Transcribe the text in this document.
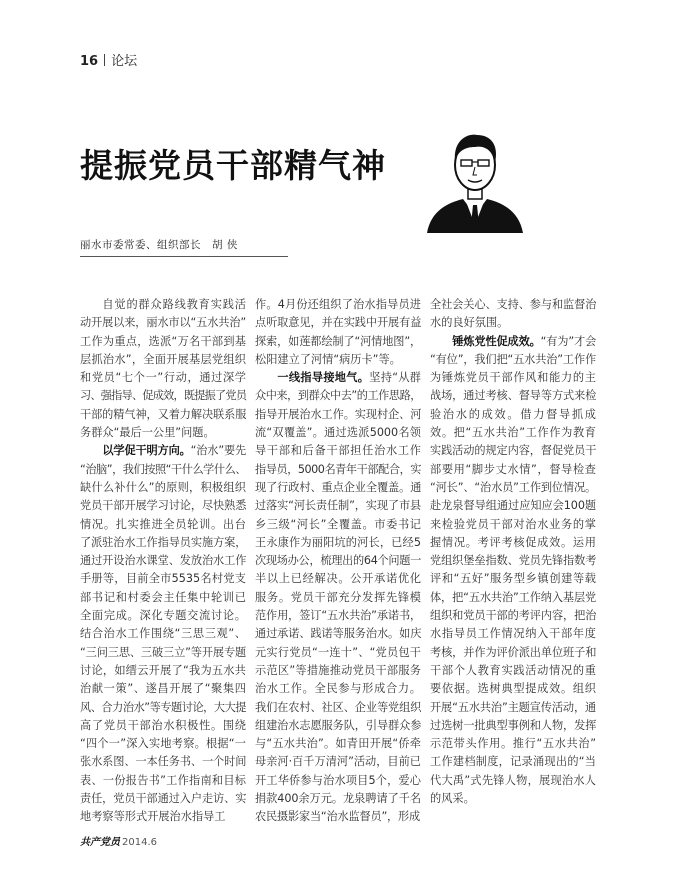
16 论坛
提振党员干部精气神
丽水市委常委、组织部长　胡 侠
自觉的群众路线教育实践活
动开展以来，丽水市以“五水共治”
工作为重点，选派“万名干部到基
层抓治水”，全面开展基层党组织
和党员“七个一”行动，通过深学
习、强指导、促成效，既提振了党员
干部的精气神，又着力解决联系服
务群众“最后一公里”问题。
以学促干明方向。“治水”要先
“治脑”，我们按照“干什么学什么、
缺什么补什么”的原则，积极组织
党员干部开展学习讨论，尽快熟悉
情况。扎实推进全员轮训。出台
了派驻治水工作指导员实施方案，
通过开设治水课堂、发放治水工作
手册等，目前全市5535名村党支
部书记和村委会主任集中轮训已
全面完成。深化专题交流讨论。
结合治水工作围绕“三思三观”、
“三问三思、三破三立”等开展专题
讨论，如缙云开展了“我为五水共
治献一策”、遂昌开展了“聚集四
风、合力治水”等专题讨论，大大提
高了党员干部治水积极性。围绕
“四个一”深入实地考察。根据“一
张水系图、一本任务书、一个时间
表、一份报告书”工作指南和目标
责任，党员干部通过入户走访、实
地考察等形式开展治水指导工
作。4月份还组织了治水指导员进
点听取意见，并在实践中开展有益
探索，如莲都绘制了“河情地图”，
松阳建立了河情“病历卡”等。
一线指导接地气。坚持“从群
众中来，到群众中去”的工作思路，
指导开展治水工作。实现村企、河
流“双覆盖”。通过选派5000名领
导干部和后备干部担任治水工作
指导员，5000名青年干部配合，实
现了行政村、重点企业全覆盖。通
过落实“河长责任制”，实现了市县
乡三级“河长”全覆盖。市委书记
王永康作为丽阳坑的河长，已经5
次现场办公，梳理出的64个问题一
半以上已经解决。公开承诺优化
服务。党员干部充分发挥先锋模
范作用，签订“五水共治”承诺书，
通过承诺、践诺等服务治水。如庆
元实行党员“一连十”、“党员包干
示范区”等措施推动党员干部服务
治水工作。全民参与形成合力。
我们在农村、社区、企业等党组织
组建治水志愿服务队，引导群众参
与“五水共治”。如青田开展“侨牵
母亲河·百千万清河”活动，目前已
开工华侨参与治水项目5个，爱心
捐款400余万元。龙泉聘请了千名
农民摄影家当“治水监督员”，形成
全社会关心、支持、参与和监督治
水的良好氛围。
锤炼党性促成效。“有为”才会
“有位”，我们把“五水共治”工作作
为锤炼党员干部作风和能力的主
战场，通过考核、督导等方式来检
验治水的成效。借力督导抓成
效。把“五水共治”工作作为教育
实践活动的规定内容，督促党员干
部要用“脚步丈水情”，督导检查
“河长”、“治水员”工作到位情况。
赴龙泉督导组通过应知应会100题
来检验党员干部对治水业务的掌
握情况。考评考核促成效。运用
党组织堡垒指数、党员先锋指数考
评和“五好”服务型乡镇创建等载
体，把“五水共治”工作纳入基层党
组织和党员干部的考评内容，把治
水指导员工作情况纳入干部年度
考核，并作为评价派出单位班子和
干部个人教育实践活动情况的重
要依据。选树典型提成效。组织
开展“五水共治”主题宣传活动，通
过选树一批典型事例和人物，发挥
示范带头作用。推行“五水共治”
工作建档制度，记录涌现出的“当
代大禹”式先锋人物，展现治水人
的风采。
共产党员 2014.6
